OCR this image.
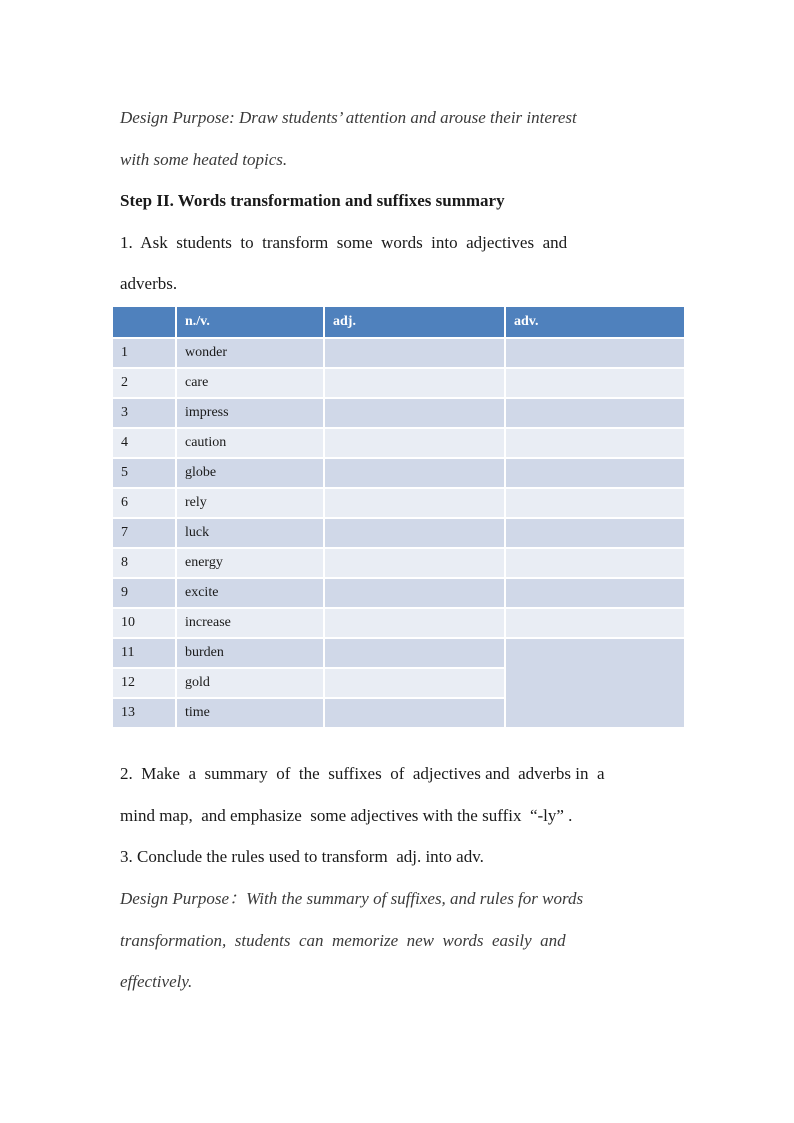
Design Purpose: Draw students’ attention and arouse their interest
with some heated topics.
Step II. Words transformation and suffixes summary
1.  Ask  students  to  transform  some  words  into  adjectives  and
adverbs.
	n./v.	adj.	adv.
1	wonder		
2	care		
3	impress		
4	caution		
5	globe		
6	rely		
7	luck		
8	energy		
9	excite		
10	increase		
11	burden		
12	gold		
13	time		
2.  Make  a  summary  of  the  suffixes  of  adjectives and  adverbs in  a
mind map,  and emphasize  some adjectives with the suffix  “-ly” .
3. Conclude the rules used to transform  adj. into adv.
Design Purpose：With the summary of suffixes, and rules for words
transformation,  students  can  memorize  new  words  easily  and
effectively.
